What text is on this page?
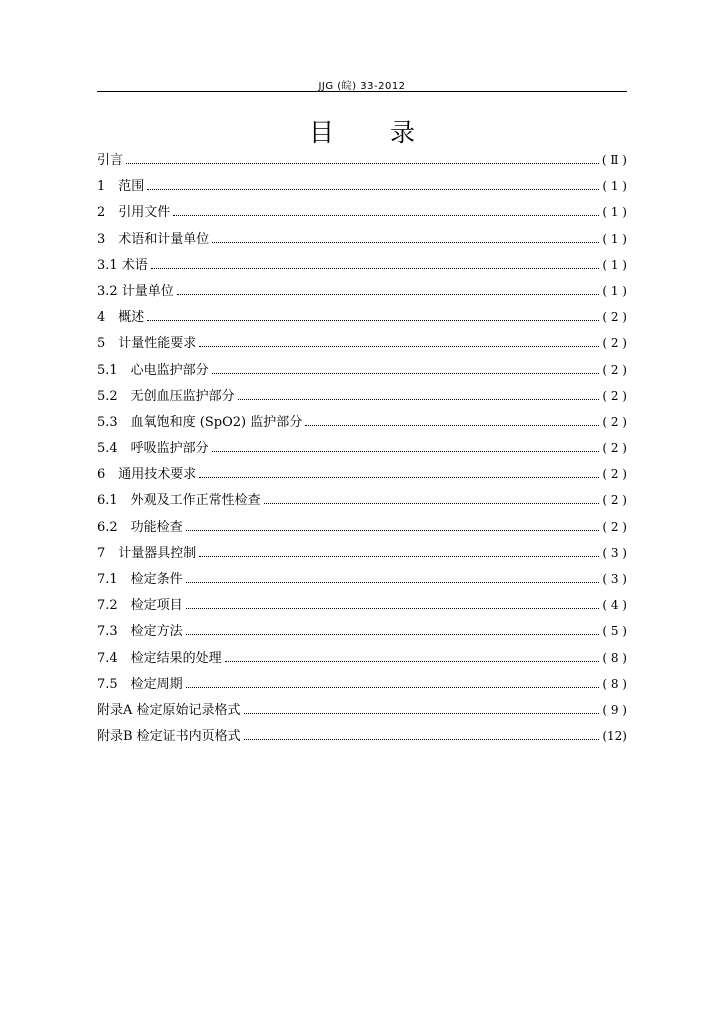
JJG (皖) 33-2012
目 录
引言	( Ⅱ )
1　范围	( 1 )
2　引用文件	( 1 )
3　术语和计量单位	( 1 )
3.1 术语	( 1 )
3.2 计量单位	( 1 )
4　概述	( 2 )
5　计量性能要求	( 2 )
5.1　心电监护部分	( 2 )
5.2　无创血压监护部分	( 2 )
5.3　血氧饱和度 (SpO2) 监护部分	( 2 )
5.4　呼吸监护部分	( 2 )
6　通用技术要求	( 2 )
6.1　外观及工作正常性检查	( 2 )
6.2　功能检查	( 2 )
7　计量器具控制	( 3 )
7.1　检定条件	( 3 )
7.2　检定项目	( 4 )
7.3　检定方法	( 5 )
7.4　检定结果的处理	( 8 )
7.5　检定周期	( 8 )
附录A 检定原始记录格式	( 9 )
附录B 检定证书内页格式	(12)
